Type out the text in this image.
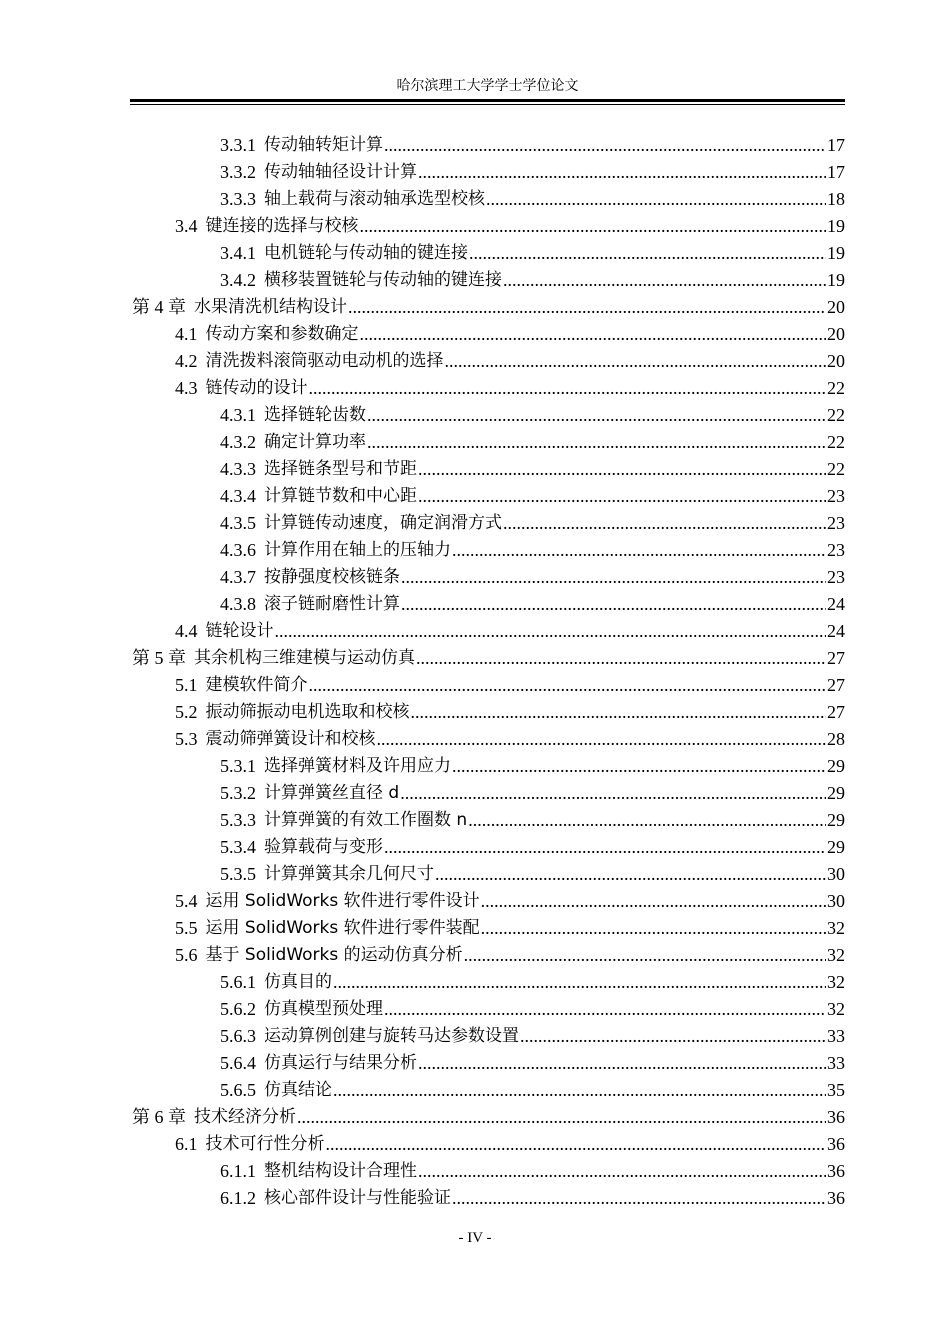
哈尔滨理工大学学士学位论文
3.3.1 传动轴转矩计算 .....	17
3.3.2 传动轴轴径设计计算 .....	17
3.3.3 轴上载荷与滚动轴承选型校核 .....	18
3.4 键连接的选择与校核 .....	19
3.4.1 电机链轮与传动轴的键连接 .....	19
3.4.2 横移装置链轮与传动轴的键连接 .....	19
第 4 章 水果清洗机结构设计 .....	20
4.1 传动方案和参数确定 .....	20
4.2 清洗拨料滚筒驱动电动机的选择 .....	20
4.3 链传动的设计 .....	22
4.3.1 选择链轮齿数 .....	22
4.3.2 确定计算功率 .....	22
4.3.3 选择链条型号和节距 .....	22
4.3.4 计算链节数和中心距 .....	23
4.3.5 计算链传动速度，确定润滑方式 .....	23
4.3.6 计算作用在轴上的压轴力 .....	23
4.3.7 按静强度校核链条 .....	23
4.3.8 滚子链耐磨性计算 .....	24
4.4 链轮设计 .....	24
第 5 章 其余机构三维建模与运动仿真 .....	27
5.1 建模软件简介 .....	27
5.2 振动筛振动电机选取和校核 .....	27
5.3 震动筛弹簧设计和校核 .....	28
5.3.1 选择弹簧材料及许用应力 .....	29
5.3.2 计算弹簧丝直径 d .....	29
5.3.3 计算弹簧的有效工作圈数 n .....	29
5.3.4 验算载荷与变形 .....	29
5.3.5 计算弹簧其余几何尺寸 .....	30
5.4 运用 SolidWorks 软件进行零件设计 .....	30
5.5 运用 SolidWorks 软件进行零件装配 .....	32
5.6 基于 SolidWorks 的运动仿真分析 .....	32
5.6.1 仿真目的 .....	32
5.6.2 仿真模型预处理 .....	32
5.6.3 运动算例创建与旋转马达参数设置 .....	33
5.6.4 仿真运行与结果分析 .....	33
5.6.5 仿真结论 .....	35
第 6 章 技术经济分析 .....	36
6.1 技术可行性分析 .....	36
6.1.1 整机结构设计合理性 .....	36
6.1.2 核心部件设计与性能验证 .....	36
- IV -
